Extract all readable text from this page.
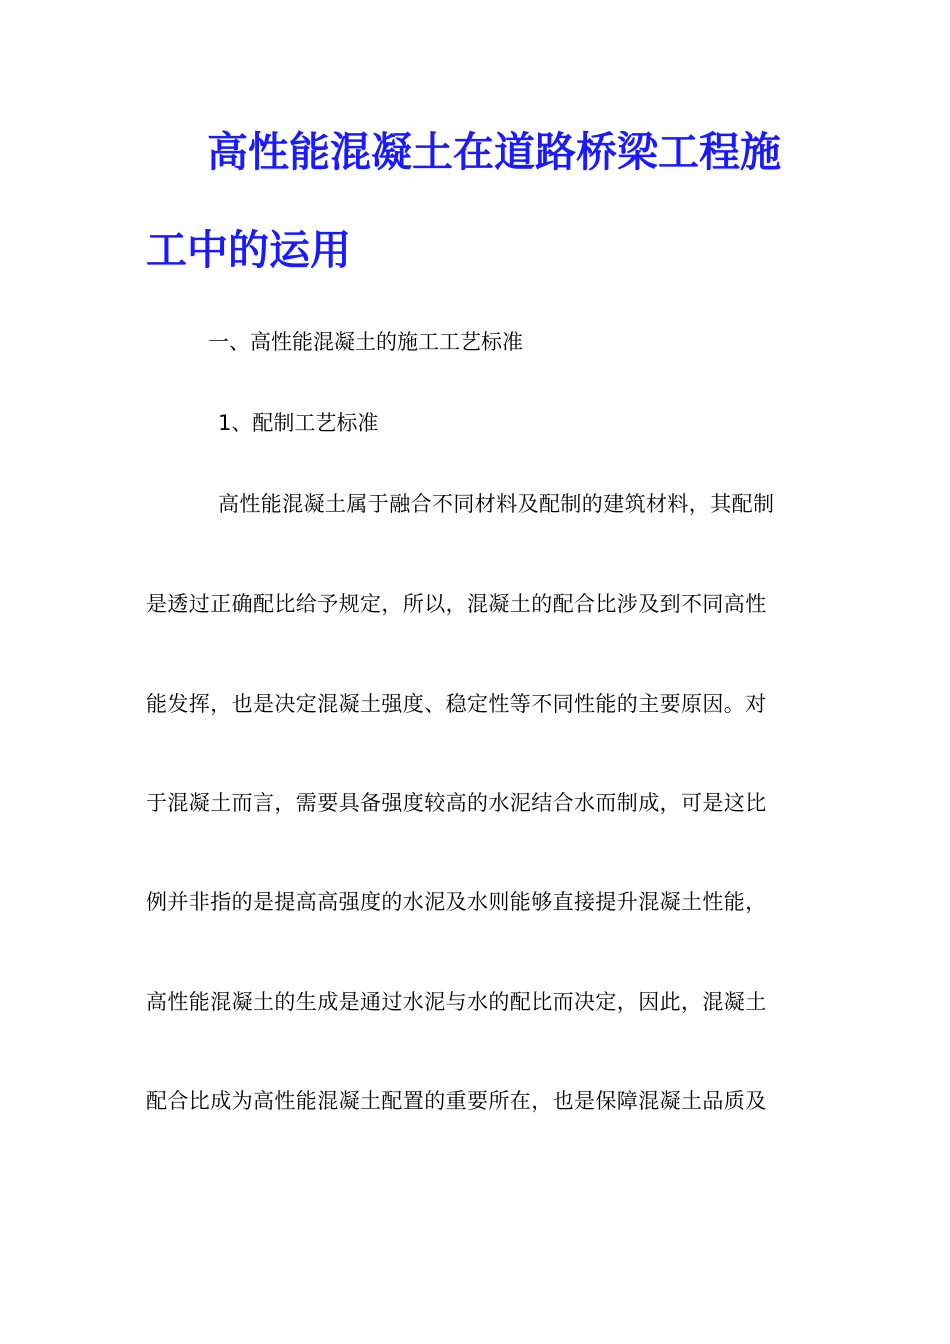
高性能混凝土在道路桥梁工程施
工中的运用
一、高性能混凝土的施工工艺标准
1、配制工艺标准
高性能混凝土属于融合不同材料及配制的建筑材料，其配制
是透过正确配比给予规定，所以，混凝土的配合比涉及到不同高性
能发挥，也是决定混凝土强度、稳定性等不同性能的主要原因。对
于混凝土而言，需要具备强度较高的水泥结合水而制成，可是这比
例并非指的是提高高强度的水泥及水则能够直接提升混凝土性能，
高性能混凝土的生成是通过水泥与水的配比而决定，因此，混凝土
配合比成为高性能混凝土配置的重要所在，也是保障混凝土品质及
